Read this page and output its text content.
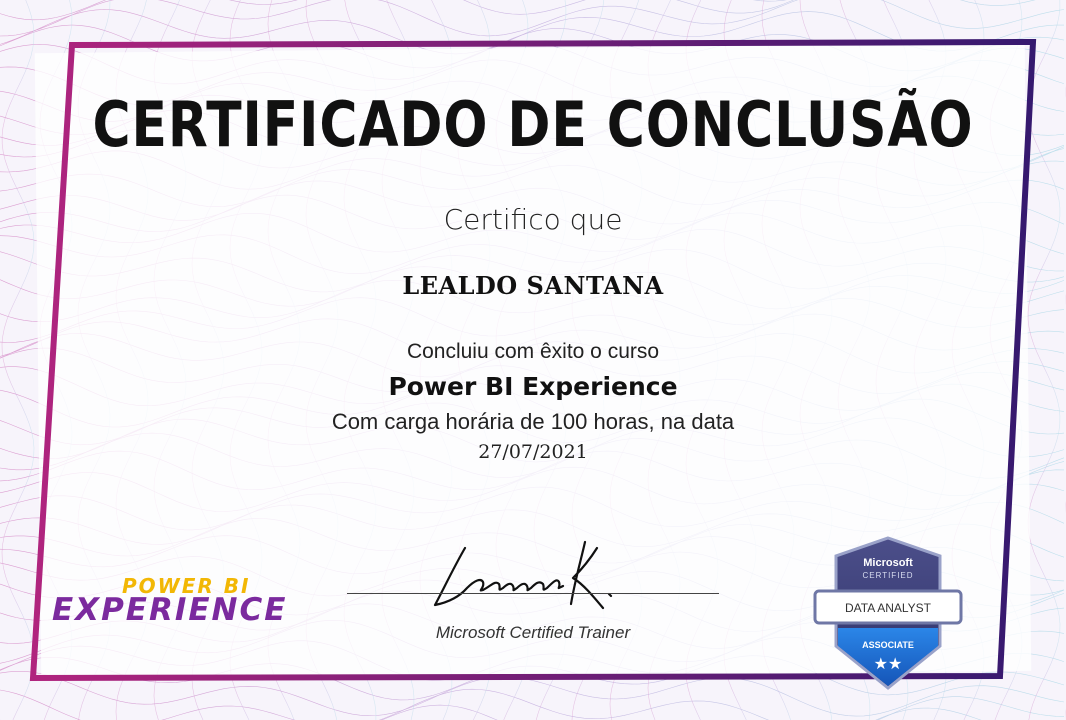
CERTIFICADO DE CONCLUSÃO
Certifico que
LEALDO SANTANA
Concluiu com êxito o curso
Power BI Experience
Com carga horária de 100 horas, na data
27/07/2021
Microsoft Certified Trainer
POWER BI
EXPERIENCE
Microsoft
CERTIFIED
DATA ANALYST
ASSOCIATE
★★
